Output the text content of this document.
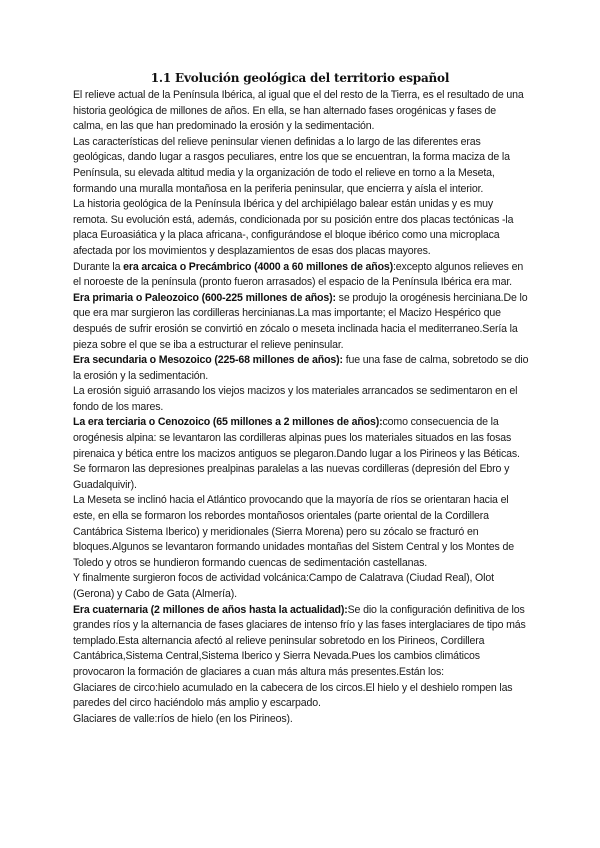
1.1 Evolución geológica del territorio español

El relieve actual de la Península Ibérica, al igual que el del resto de la Tierra, es el resultado de una historia geológica de millones de años. En ella, se han alternado fases orogénicas y fases de calma, en las que han predominado la erosión y la sedimentación.

Las características del relieve peninsular vienen definidas a lo largo de las diferentes eras geológicas, dando lugar a rasgos peculiares, entre los que se encuentran, la forma maciza de la Península, su elevada altitud media y la organización de todo el relieve en torno a la Meseta, formando una muralla montañosa en la periferia peninsular, que encierra y aísla el interior.

La historia geológica de la Península Ibérica y del archipiélago balear están unidas y es muy remota. Su evolución está, además, condicionada por su posición entre dos placas tectónicas -la placa Euroasiática y la placa africana-, configurándose el bloque ibérico como una microplaca afectada por los movimientos y desplazamientos de esas dos placas mayores.

Durante la era arcaica o Precámbrico (4000 a 60 millones de años):excepto algunos relieves en el noroeste de la península (pronto fueron arrasados) el espacio de la Península Ibérica era mar.

Era primaria o Paleozoico (600-225 millones de años): se produjo la orogénesis herciniana.De lo que era mar surgieron las cordilleras hercinianas.La mas importante; el Macizo Hespérico que después de sufrir erosión se convirtió en zócalo o meseta inclinada hacia el mediterraneo.Sería la pieza sobre el que se iba a estructurar el relieve peninsular.

Era secundaria o Mesozoico (225-68 millones de años): fue una fase de calma, sobretodo se dio la erosión y la sedimentación.

La erosión siguió arrasando los viejos macizos y los materiales arrancados se sedimentaron en el fondo de los mares.

La era terciaria o Cenozoico (65 millones a 2 millones de años):como consecuencia de la orogénesis alpina: se levantaron las cordilleras alpinas pues los materiales situados en las fosas pirenaica y bética entre los macizos antiguos se plegaron.Dando lugar a los Pirineos y las Béticas.

Se formaron las depresiones prealpinas paralelas a las nuevas cordilleras (depresión del Ebro y Guadalquivir).

La Meseta se inclinó hacia el Atlántico provocando que la mayoría de ríos se orientaran hacia el este, en ella se formaron los rebordes montañosos orientales (parte oriental de la Cordillera Cantábrica Sistema Iberico) y meridionales (Sierra Morena) pero su zócalo se fracturó en bloques.Algunos se levantaron formando unidades montañas del Sistem Central y los Montes de Toledo y otros se hundieron formando cuencas de sedimentación castellanas.

Y finalmente surgieron focos de actividad volcánica:Campo de Calatrava (Ciudad Real), Olot (Gerona) y Cabo de Gata (Almería).

Era cuaternaria (2 millones de años hasta la actualidad):Se dio la configuración definitiva de los grandes ríos y la alternancia de fases glaciares de intenso frío y las fases interglaciares de tipo más templado.Esta alternancia afectó al relieve peninsular sobretodo en los Pirineos, Cordillera Cantábrica,Sistema Central,Sistema Iberico y Sierra Nevada.Pues los cambios climáticos provocaron la formación de glaciares a cuan más altura más presentes.Están los:

Glaciares de circo:hielo acumulado en la cabecera de los circos.El hielo y el deshielo rompen las paredes del circo haciéndolo más amplio y escarpado.

Glaciares de valle:ríos de hielo (en los Pirineos).
